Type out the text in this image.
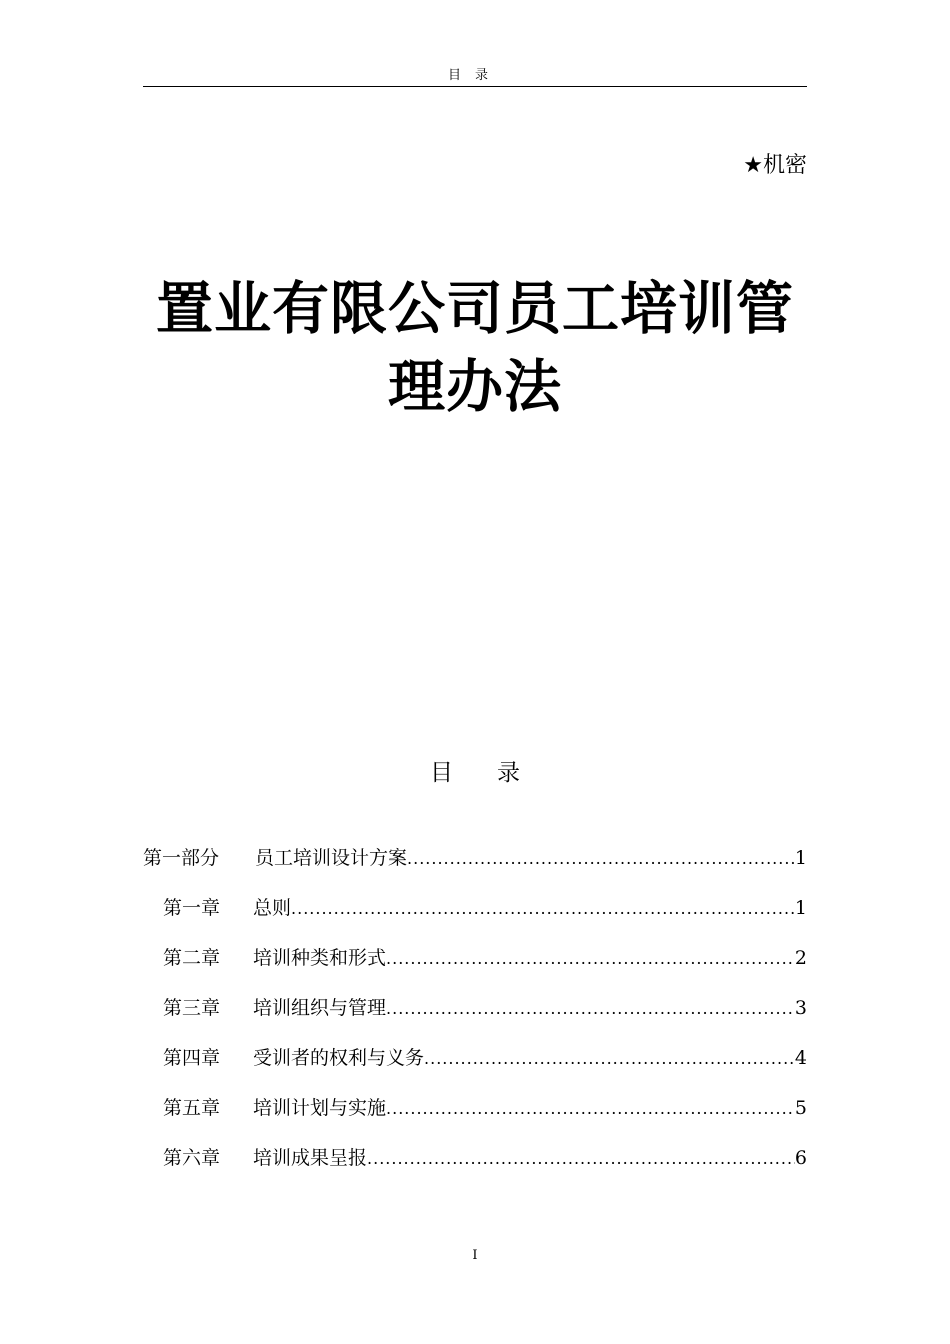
目录
★机密
置业有限公司员工培训管
理办法
目 录
第一部分	员工培训设计方案 .....	1
第一章	总则 .....	1
第二章	培训种类和形式 .....	2
第三章	培训组织与管理 .....	3
第四章	受训者的权利与义务 .....	4
第五章	培训计划与实施 .....	5
第六章	培训成果呈报 .....	6
I
